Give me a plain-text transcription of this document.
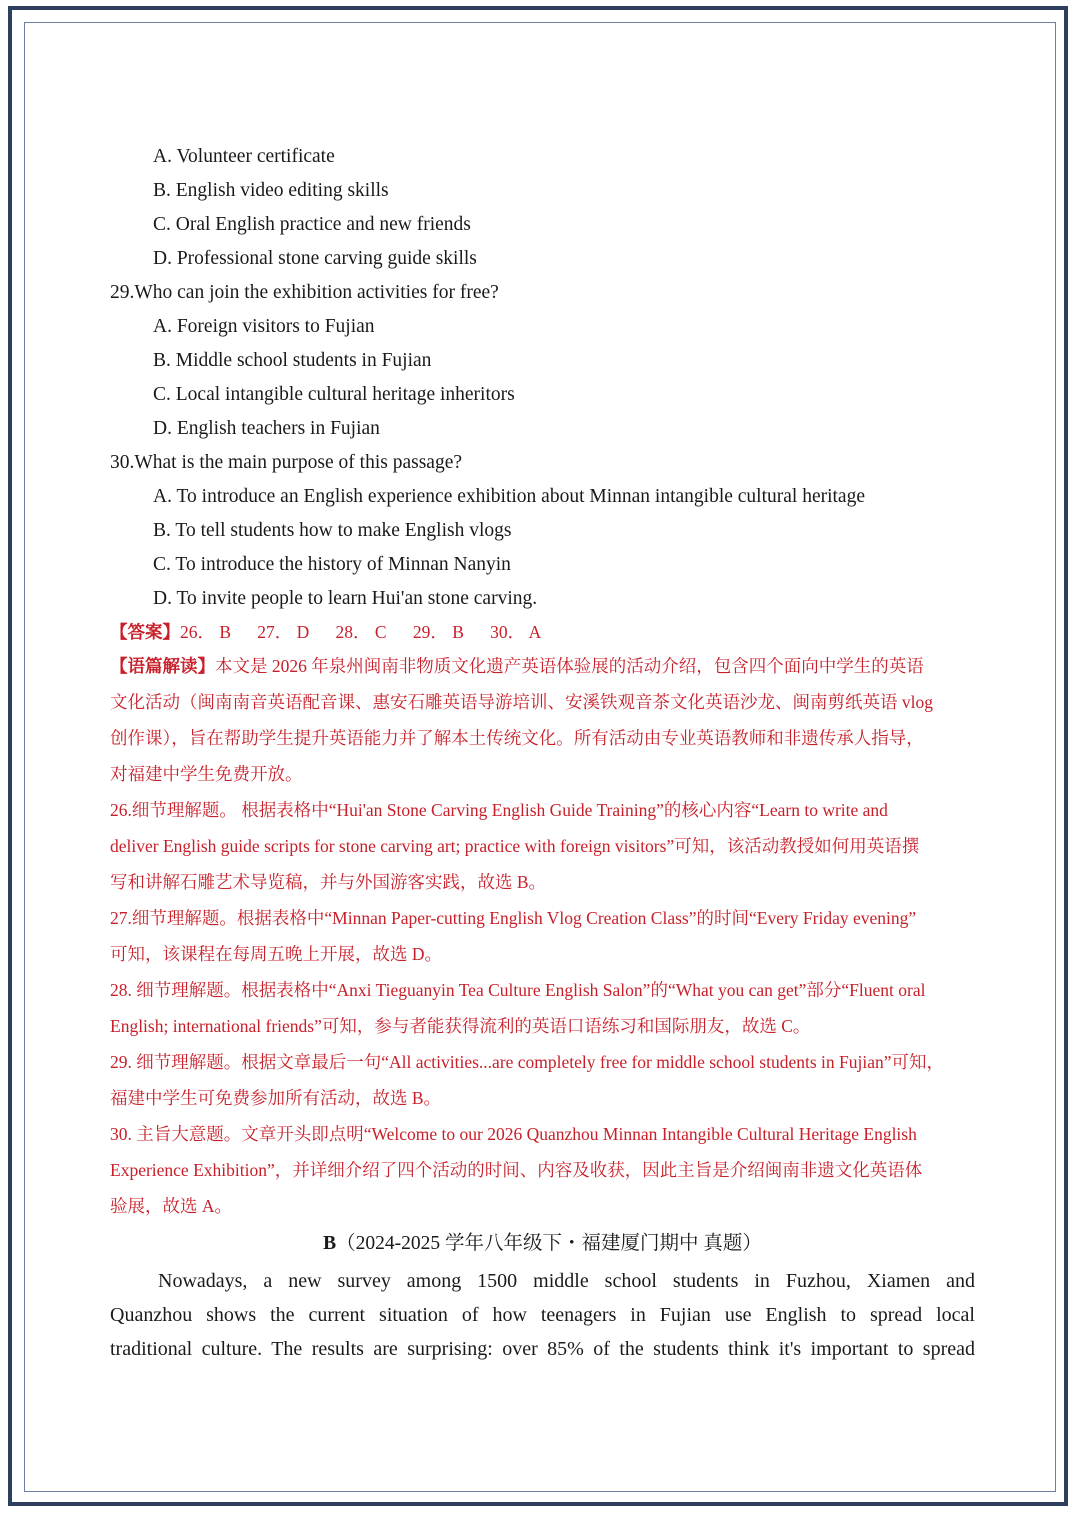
A. Volunteer certificate
B. English video editing skills
C. Oral English practice and new friends
D. Professional stone carving guide skills
29.Who can join the exhibition activities for free?
A. Foreign visitors to Fujian
B. Middle school students in Fujian
C. Local intangible cultural heritage inheritors
D. English teachers in Fujian
30.What is the main purpose of this passage?
A. To introduce an English experience exhibition about Minnan intangible cultural heritage
B. To tell students how to make English vlogs
C. To introduce the history of Minnan Nanyin
D. To invite people to learn Hui'an stone carving.
【答案】26． B      27． D      28． C      29． B      30． A
【语篇解读】本文是 2026 年泉州闽南非物质文化遗产英语体验展的活动介绍，包含四个面向中学生的英语
文化活动（闽南南音英语配音课、惠安石雕英语导游培训、安溪铁观音茶文化英语沙龙、闽南剪纸英语 vlog
创作课），旨在帮助学生提升英语能力并了解本土传统文化。所有活动由专业英语教师和非遗传承人指导，
对福建中学生免费开放。
26.细节理解题。 根据表格中“Hui'an Stone Carving English Guide Training”的核心内容“Learn to write and
deliver English guide scripts for stone carving art; practice with foreign visitors”可知，该活动教授如何用英语撰
写和讲解石雕艺术导览稿，并与外国游客实践，故选 B。
27.细节理解题。根据表格中“Minnan Paper-cutting English Vlog Creation Class”的时间“Every Friday evening”
可知，该课程在每周五晚上开展，故选 D。
28. 细节理解题。根据表格中“Anxi Tieguanyin Tea Culture English Salon”的“What you can get”部分“Fluent oral
English; international friends”可知，参与者能获得流利的英语口语练习和国际朋友，故选 C。
29. 细节理解题。根据文章最后一句“All activities...are completely free for middle school students in Fujian”可知，
福建中学生可免费参加所有活动，故选 B。
30. 主旨大意题。文章开头即点明“Welcome to our 2026 Quanzhou Minnan Intangible Cultural Heritage English
Experience Exhibition”，并详细介绍了四个活动的时间、内容及收获，因此主旨是介绍闽南非遗文化英语体
验展，故选 A。
B（2024-2025 学年八年级下・福建厦门期中 真题）
Nowadays, a new survey among 1500 middle school students in Fuzhou, Xiamen and
Quanzhou shows the current situation of how teenagers in Fujian use English to spread local
traditional culture. The results are surprising: over 85% of the students think it's important to spread
